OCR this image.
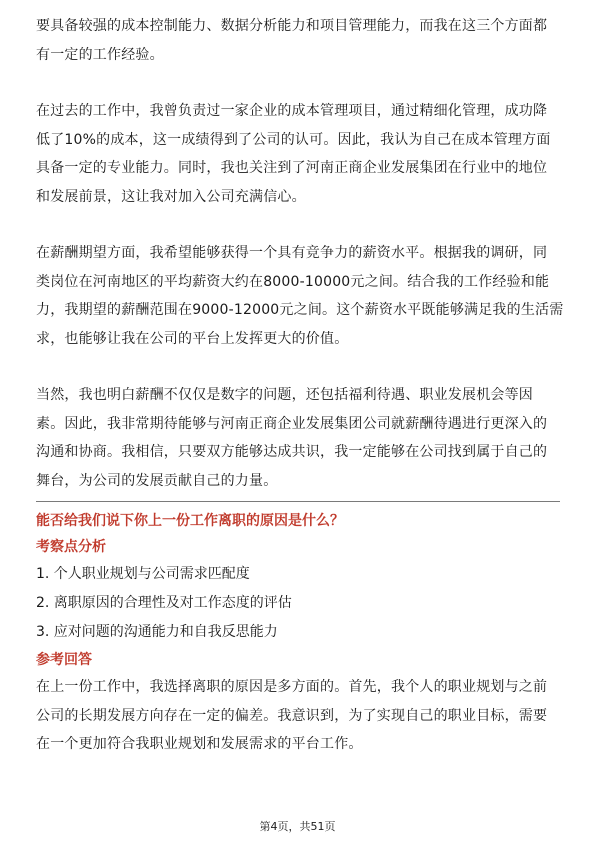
要具备较强的成本控制能力、数据分析能力和项目管理能力，而我在这三个方面都
有一定的工作经验。
在过去的工作中，我曾负责过一家企业的成本管理项目，通过精细化管理，成功降
低了10%的成本，这一成绩得到了公司的认可。因此，我认为自己在成本管理方面
具备一定的专业能力。同时，我也关注到了河南正商企业发展集团在行业中的地位
和发展前景，这让我对加入公司充满信心。
在薪酬期望方面，我希望能够获得一个具有竞争力的薪资水平。根据我的调研，同
类岗位在河南地区的平均薪资大约在8000-10000元之间。结合我的工作经验和能
力，我期望的薪酬范围在9000-12000元之间。这个薪资水平既能够满足我的生活需
求，也能够让我在公司的平台上发挥更大的价值。
当然，我也明白薪酬不仅仅是数字的问题，还包括福利待遇、职业发展机会等因
素。因此，我非常期待能够与河南正商企业发展集团公司就薪酬待遇进行更深入的
沟通和协商。我相信，只要双方能够达成共识，我一定能够在公司找到属于自己的
舞台，为公司的发展贡献自己的力量。

能否给我们说下你上一份工作离职的原因是什么？

考察点分析

1. 个人职业规划与公司需求匹配度

2. 离职原因的合理性及对工作态度的评估

3. 应对问题的沟通能力和自我反思能力

参考回答

在上一份工作中，我选择离职的原因是多方面的。首先，我个人的职业规划与之前
公司的长期发展方向存在一定的偏差。我意识到，为了实现自己的职业目标，需要
在一个更加符合我职业规划和发展需求的平台工作。
第4页，共51页
